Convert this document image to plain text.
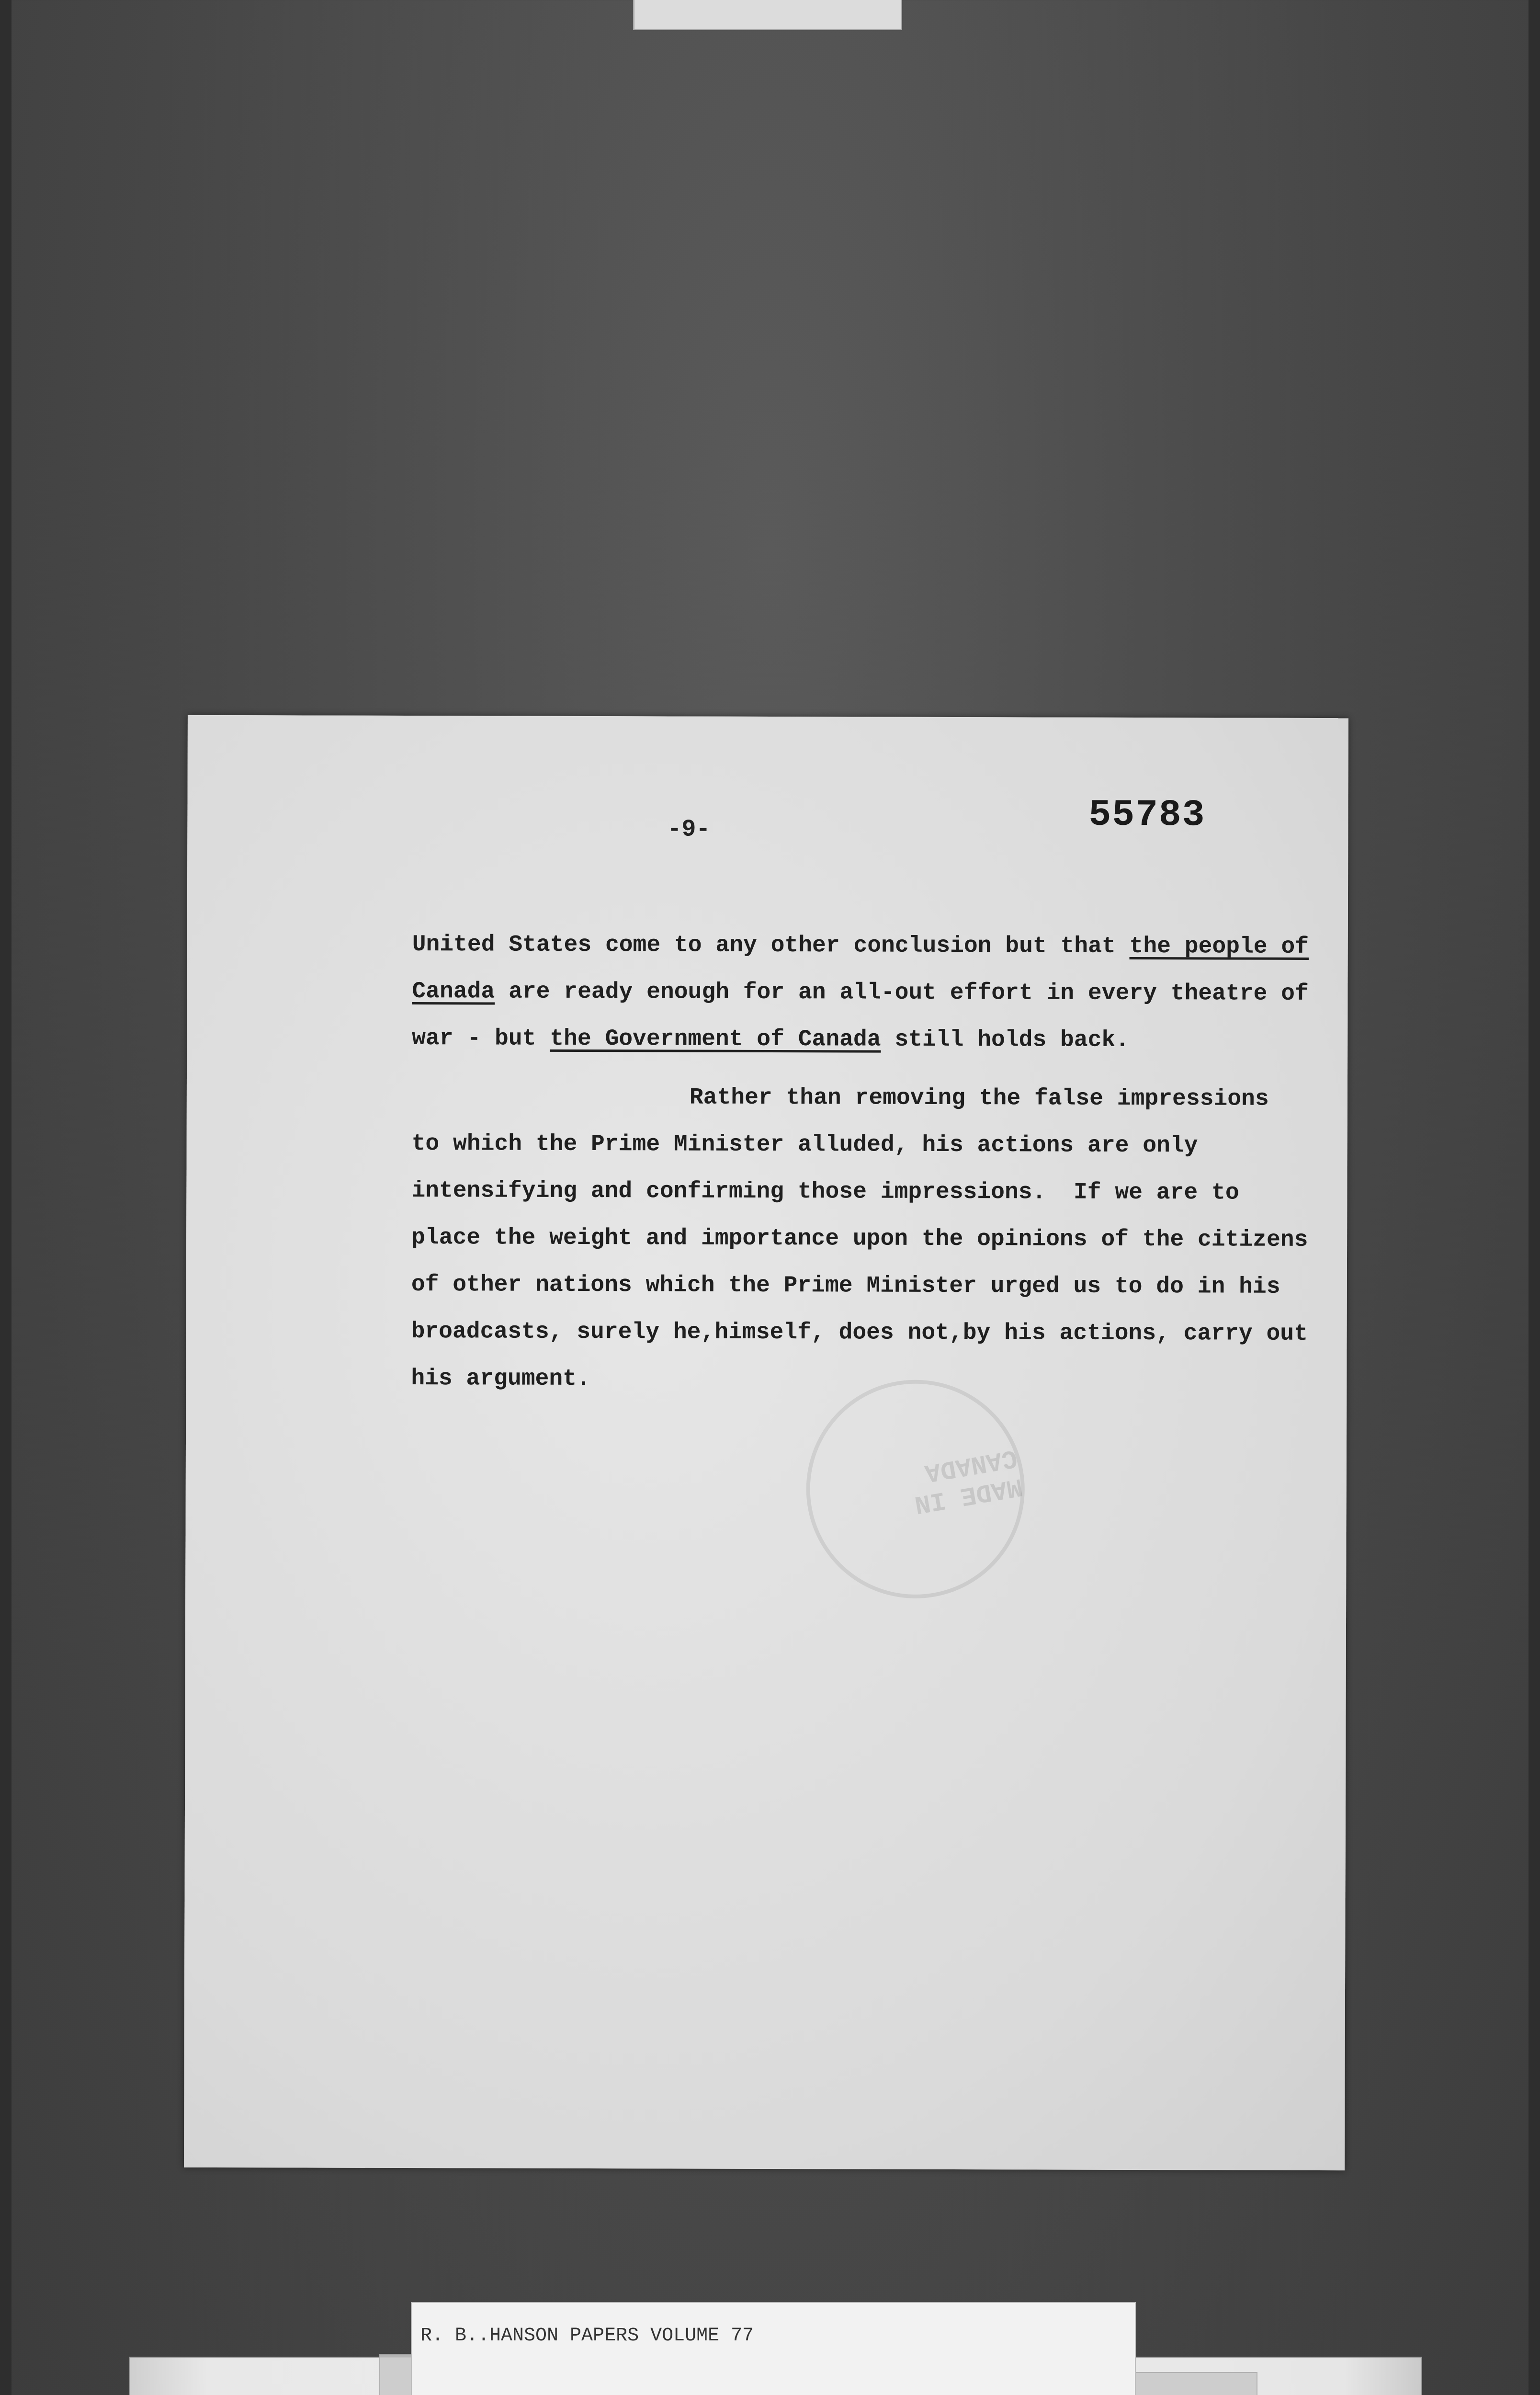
-9-	55783
MADE IN CANADA
United States come to any other conclusion but that the people of
Canada are ready enough for an all-out effort in every theatre of
war - but the Government of Canada still holds back.
Rather than removing the false impressions
to which the Prime Minister alluded, his actions are only
intensifying and confirming those impressions.  If we are to
place the weight and importance upon the opinions of the citizens
of other nations which the Prime Minister urged us to do in his
broadcasts, surely he,himself, does not,by his actions, carry out
his argument.
R. B..HANSON PAPERS VOLUME 77
